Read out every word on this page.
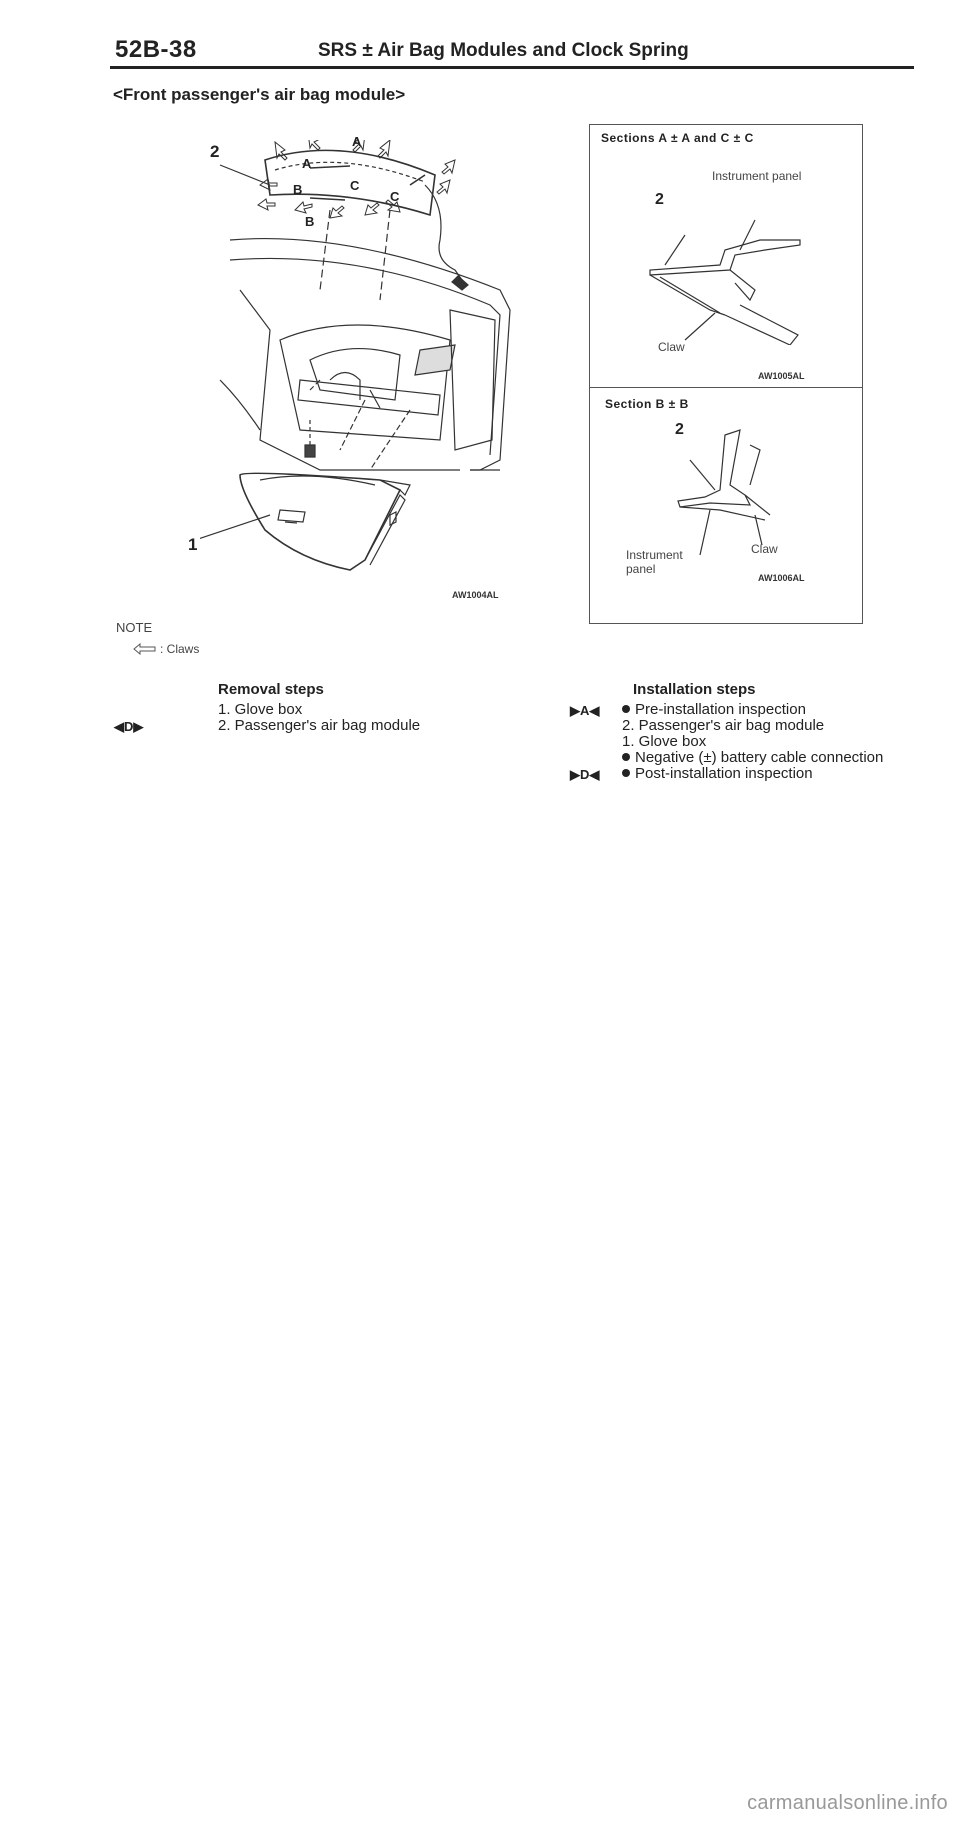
52B-38	SRS ± Air Bag Modules and Clock Spring
<Front passenger's air bag module>
2
1
A
A
B
B
C
C
AW1004AL
NOTE
: Claws
Sections A ± A and C ± C
Instrument panel
2
Claw
AW1005AL
Section B ± B
2
Instrument
panel
Claw
AW1006AL
Removal steps
1. Glove box
◀D▶	2. Passenger's air bag module
Installation steps
▶A◀	Pre-installation inspection
2. Passenger's air bag module
1. Glove box
Negative (±) battery cable connection
▶D◀	Post-installation inspection
carmanualsonline.info
